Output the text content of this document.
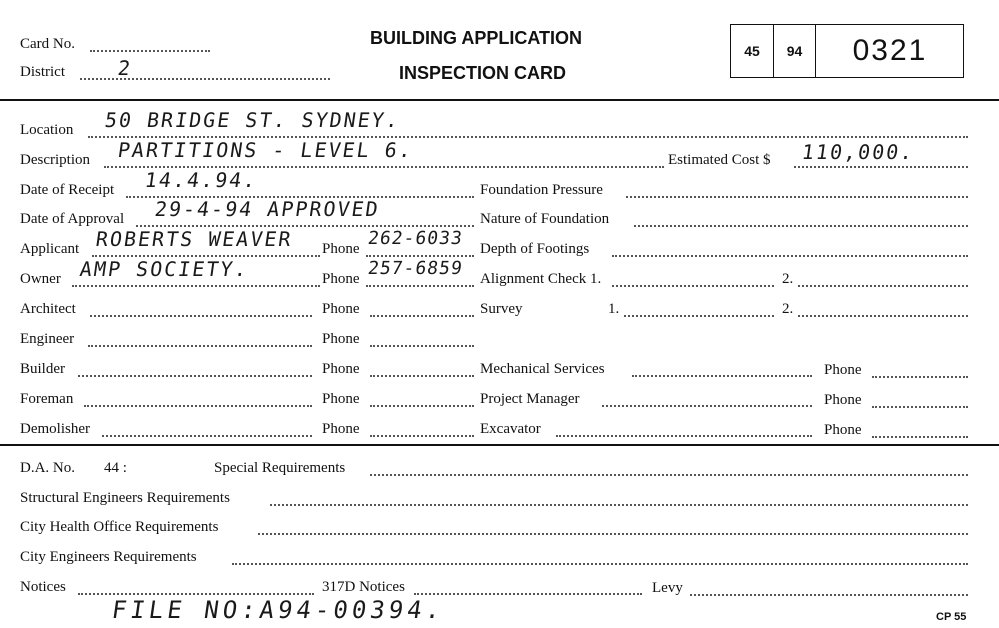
Card No.
District	2
BUILDING APPLICATION
INSPECTION CARD
45	94	0321
Location 50 BRIDGE ST. SYDNEY.
Description PARTITIONS - LEVEL 6.	Estimated Cost $ 110,000.
Date of Receipt 14.4.94.	Foundation Pressure
Date of Approval 29-4-94 APPROVED	Nature of Foundation
Applicant ROBERTS WEAVER Phone 262-6033 Depth of Footings
Owner AMP SOCIETY.	Phone 257-6859 Alignment Check 1.	2.
Architect	Phone	Survey	1.	2.
Engineer	Phone
Builder	Phone	Mechanical Services	Phone
Foreman	Phone	Project Manager	Phone
Demolisher	Phone	Excavator	Phone
D.A. No. 44 :	Special Requirements
Structural Engineers Requirements
City Health Office Requirements
City Engineers Requirements
Notices	317D Notices	Levy
FILE NO:A94-00394.	CP 55
